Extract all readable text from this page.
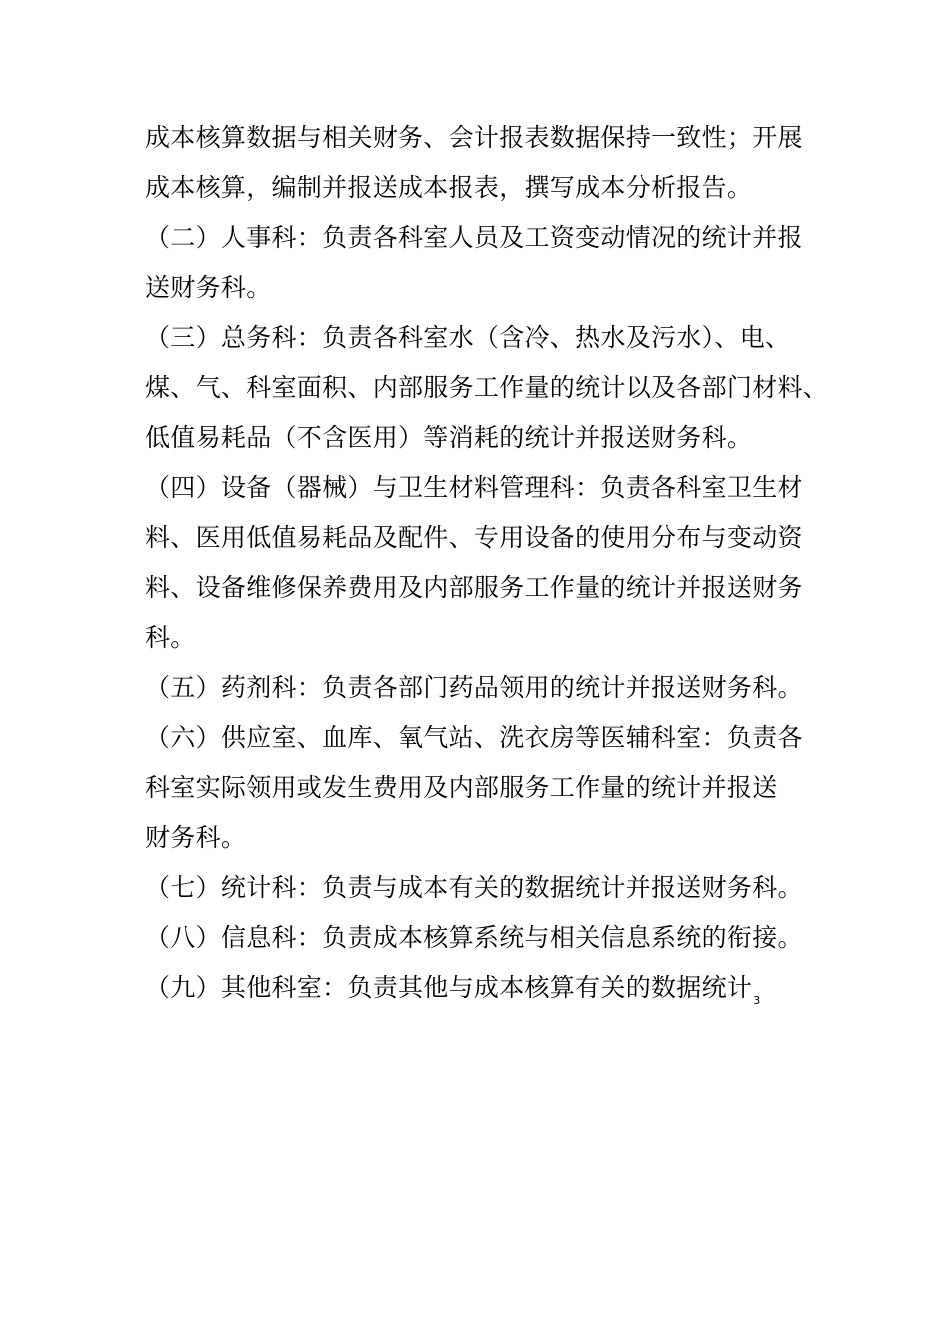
成本核算数据与相关财务、会计报表数据保持一致性；开展
成本核算，编制并报送成本报表，撰写成本分析报告。
（二）人事科：负责各科室人员及工资变动情况的统计并报
送财务科。
（三）总务科：负责各科室水（含冷、热水及污水）、电、
煤、气、科室面积、内部服务工作量的统计以及各部门材料、
低值易耗品（不含医用）等消耗的统计并报送财务科。
（四）设备（器械）与卫生材料管理科：负责各科室卫生材
料、医用低值易耗品及配件、专用设备的使用分布与变动资
料、设备维修保养费用及内部服务工作量的统计并报送财务
科。
（五）药剂科：负责各部门药品领用的统计并报送财务科。
（六）供应室、血库、氧气站、洗衣房等医辅科室：负责各
科室实际领用或发生费用及内部服务工作量的统计并报送
财务科。
（七）统计科：负责与成本有关的数据统计并报送财务科。
（八）信息科：负责成本核算系统与相关信息系统的衔接。
（九）其他科室：负责其他与成本核算有关的数据统计$_3$
